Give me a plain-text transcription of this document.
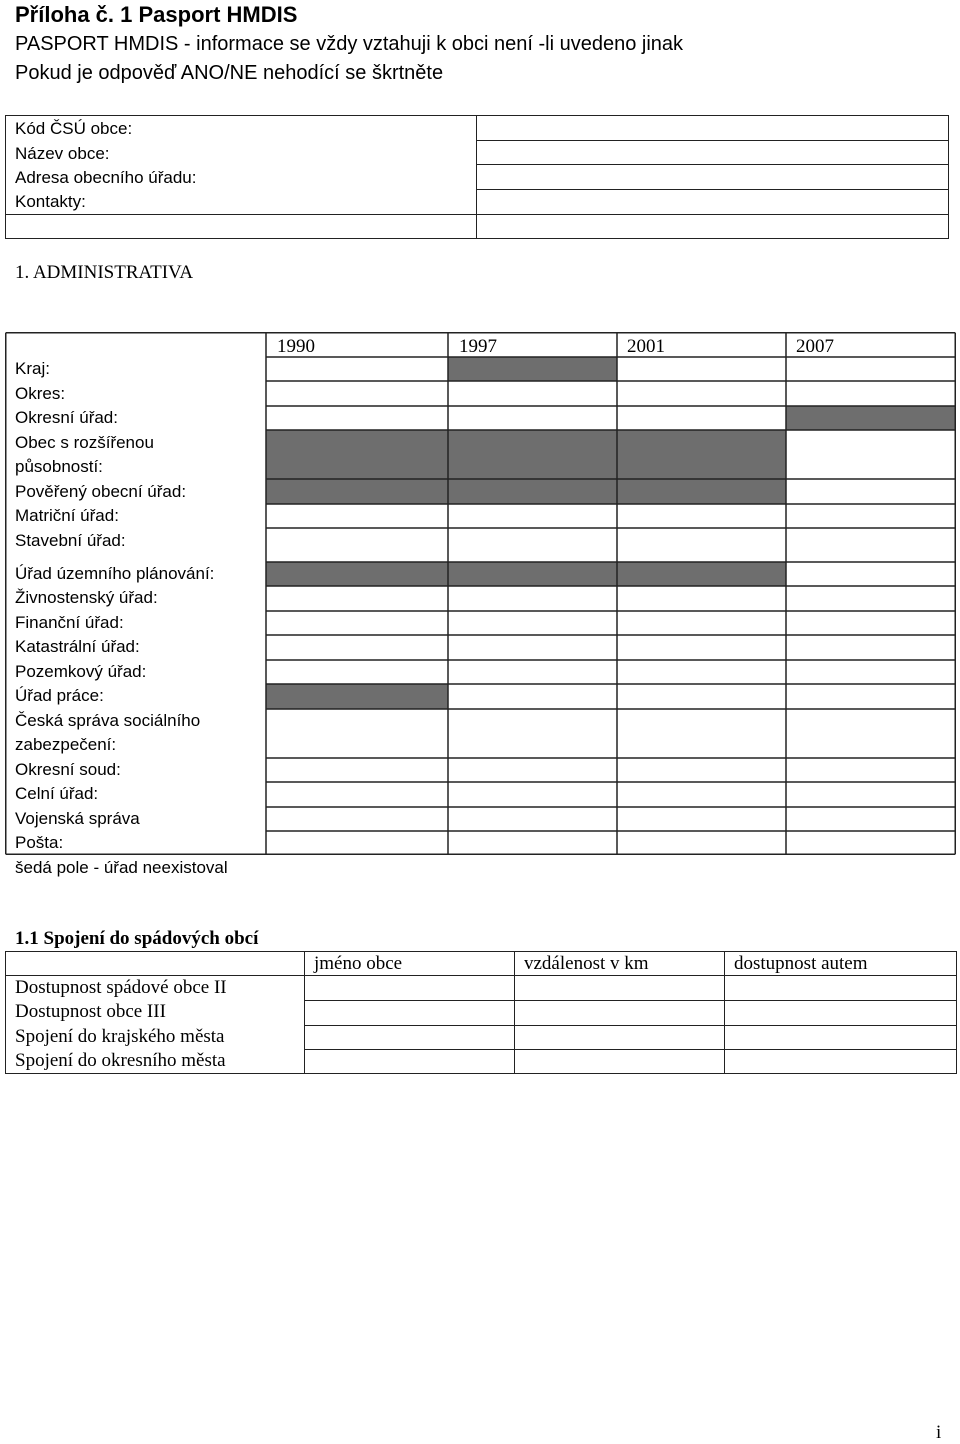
Příloha č. 1 Pasport HMDIS
PASPORT HMDIS - informace se vždy vztahuji k obci není -li uvedeno jinak
Pokud je odpověď ANO/NE nehodící se škrtněte
Kód ČSÚ obce:
Název obce:
Adresa obecního úřadu:
Kontakty:	

1. ADMINISTRATIVA
1990	1997	2001	2007
Kraj:
Okres:
Okresní úřad:
Obec s rozšířenou
působností:
Pověřený obecní úřad:
Matriční úřad:
Stavební úřad:
Úřad územního plánování:
Živnostenský úřad:
Finanční úřad:
Katastrální úřad:
Pozemkový úřad:
Úřad práce:
Česká správa sociálního
zabezpečení:
Okresní soud:
Celní úřad:
Vojenská správa
Pošta:
šedá pole - úřad neexistoval
1.1 Spojení do spádových obcí
	jméno obce	vzdálenost v km	dostupnost autem

Dostupnost spádové obce II
Dostupnost obce III
Spojení do krajského města
Spojení do okresního města			

i
